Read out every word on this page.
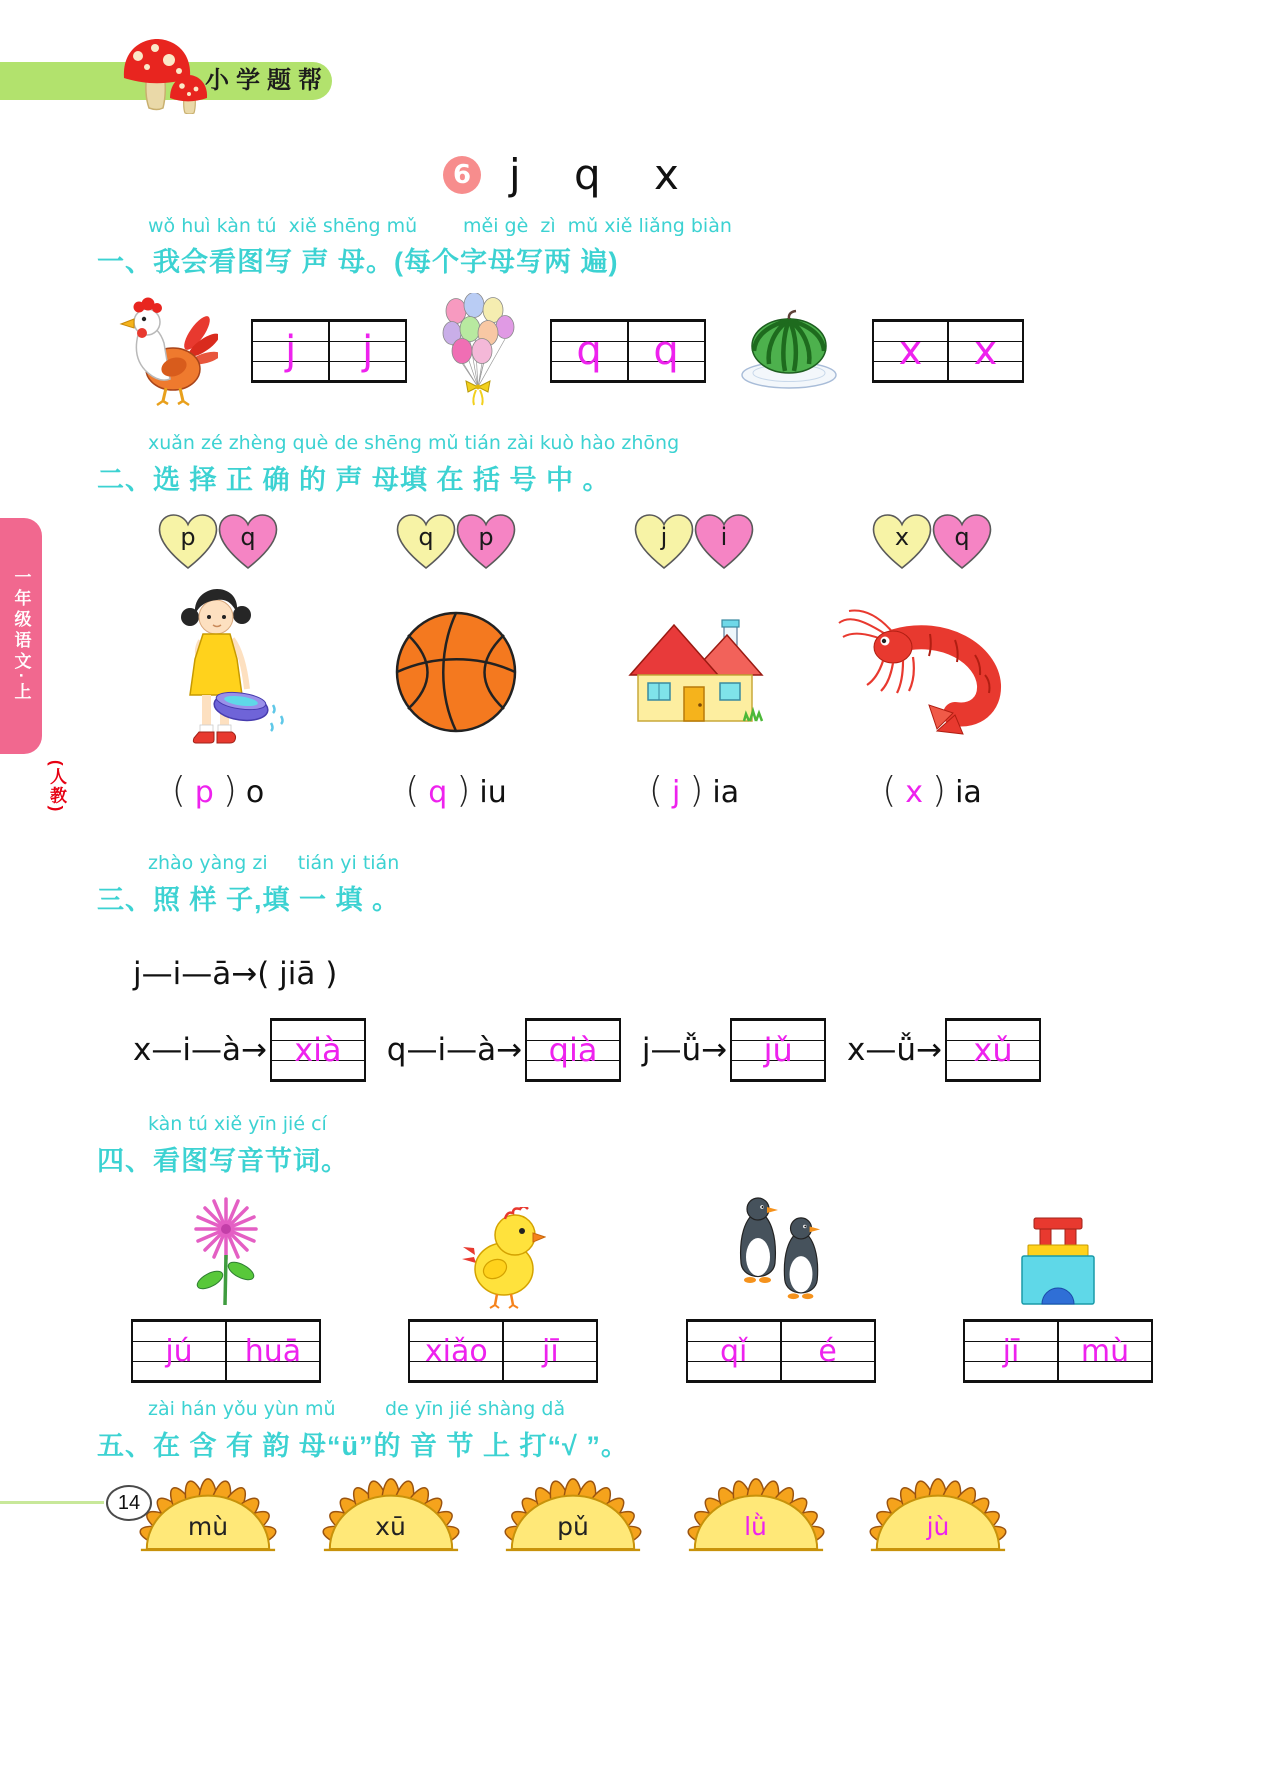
小学题帮
一年级语文·上
(人教)
6 j q x
wǒ huì kàn tú  xiě shēng mǔ měi gè  zì  mǔ xiě liǎng biàn
一、我会看图写 声 母。(每个字母写两 遍)
j	j	q	q	x	x
xuǎn zé zhèng què de shēng mǔ tián zài kuò hào zhōng
二、选 择 正 确 的 声 母填 在 括 号 中 。
p	q
( p ) o
q	p
( q ) iu
j	i
( j ) ia
x	q
( x ) ia
zhào yàng zi     tián yi tián
三、照 样 子,填 一 填 。
j—i—ā→( jiā )
x—i—à→ xià	q—i—à→ qià	j—ǚ→	jǔ	x—ǚ→ xǔ
kàn tú xiě yīn jié cí
四、看图写音节词。
jú	huā	xiǎo	jī	qǐ	é	jī	mù
zài hán yǒu yùn mǔ	de yīn jié shàng dǎ
五、在 含 有 韵 母“ü”的 音 节 上 打“√ ”。
mù	xū	pǔ	lǜ	jù
14
